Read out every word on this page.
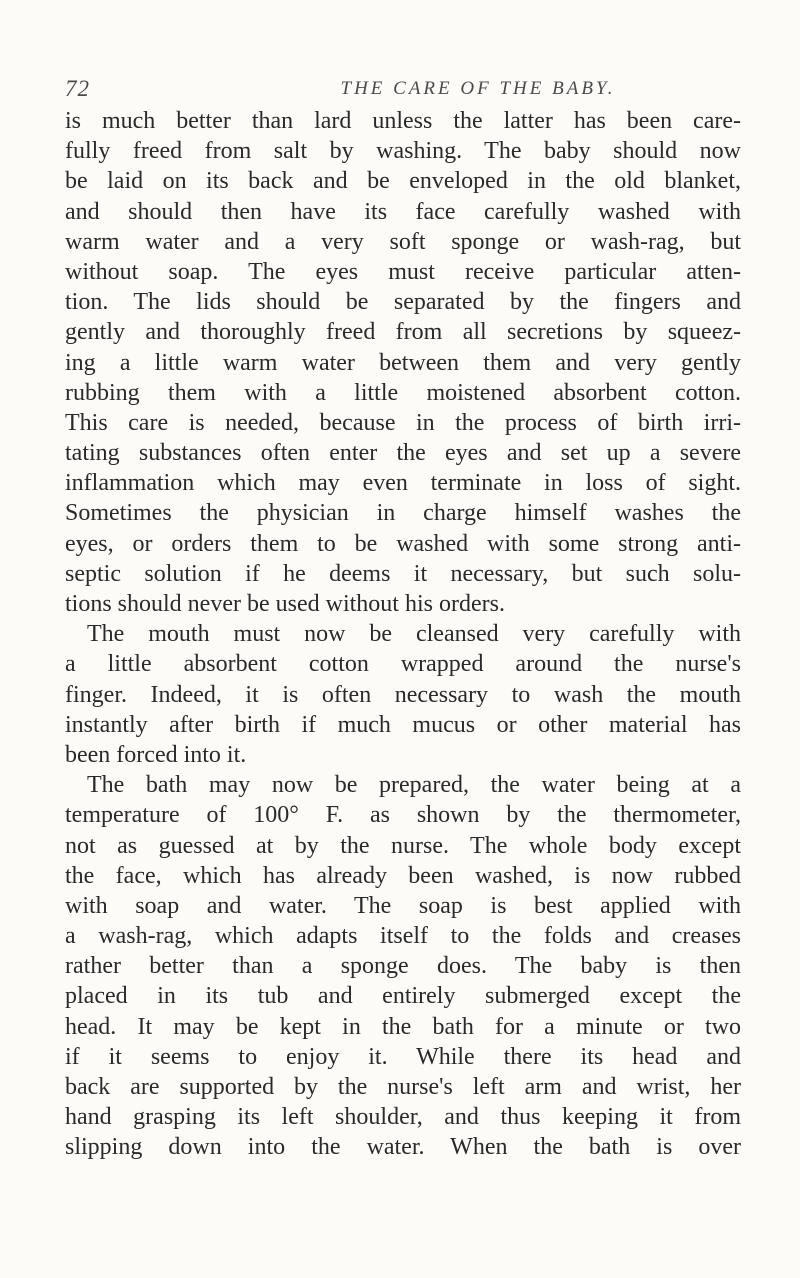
72	THE CARE OF THE BABY.
is much better than lard unless the latter has been care-
fully freed from salt by washing. The baby should now
be laid on its back and be enveloped in the old blanket,
and should then have its face carefully washed with
warm water and a very soft sponge or wash-rag, but
without soap. The eyes must receive particular atten-
tion. The lids should be separated by the fingers and
gently and thoroughly freed from all secretions by squeez-
ing a little warm water between them and very gently
rubbing them with a little moistened absorbent cotton.
This care is needed, because in the process of birth irri-
tating substances often enter the eyes and set up a severe
inflammation which may even terminate in loss of sight.
Sometimes the physician in charge himself washes the
eyes, or orders them to be washed with some strong anti-
septic solution if he deems it necessary, but such solu-
tions should never be used without his orders.
The mouth must now be cleansed very carefully with
a little absorbent cotton wrapped around the nurse's
finger. Indeed, it is often necessary to wash the mouth
instantly after birth if much mucus or other material has
been forced into it.
The bath may now be prepared, the water being at a
temperature of 100° F. as shown by the thermometer,
not as guessed at by the nurse. The whole body except
the face, which has already been washed, is now rubbed
with soap and water. The soap is best applied with
a wash-rag, which adapts itself to the folds and creases
rather better than a sponge does. The baby is then
placed in its tub and entirely submerged except the
head. It may be kept in the bath for a minute or two
if it seems to enjoy it. While there its head and
back are supported by the nurse's left arm and wrist, her
hand grasping its left shoulder, and thus keeping it from
slipping down into the water. When the bath is over
